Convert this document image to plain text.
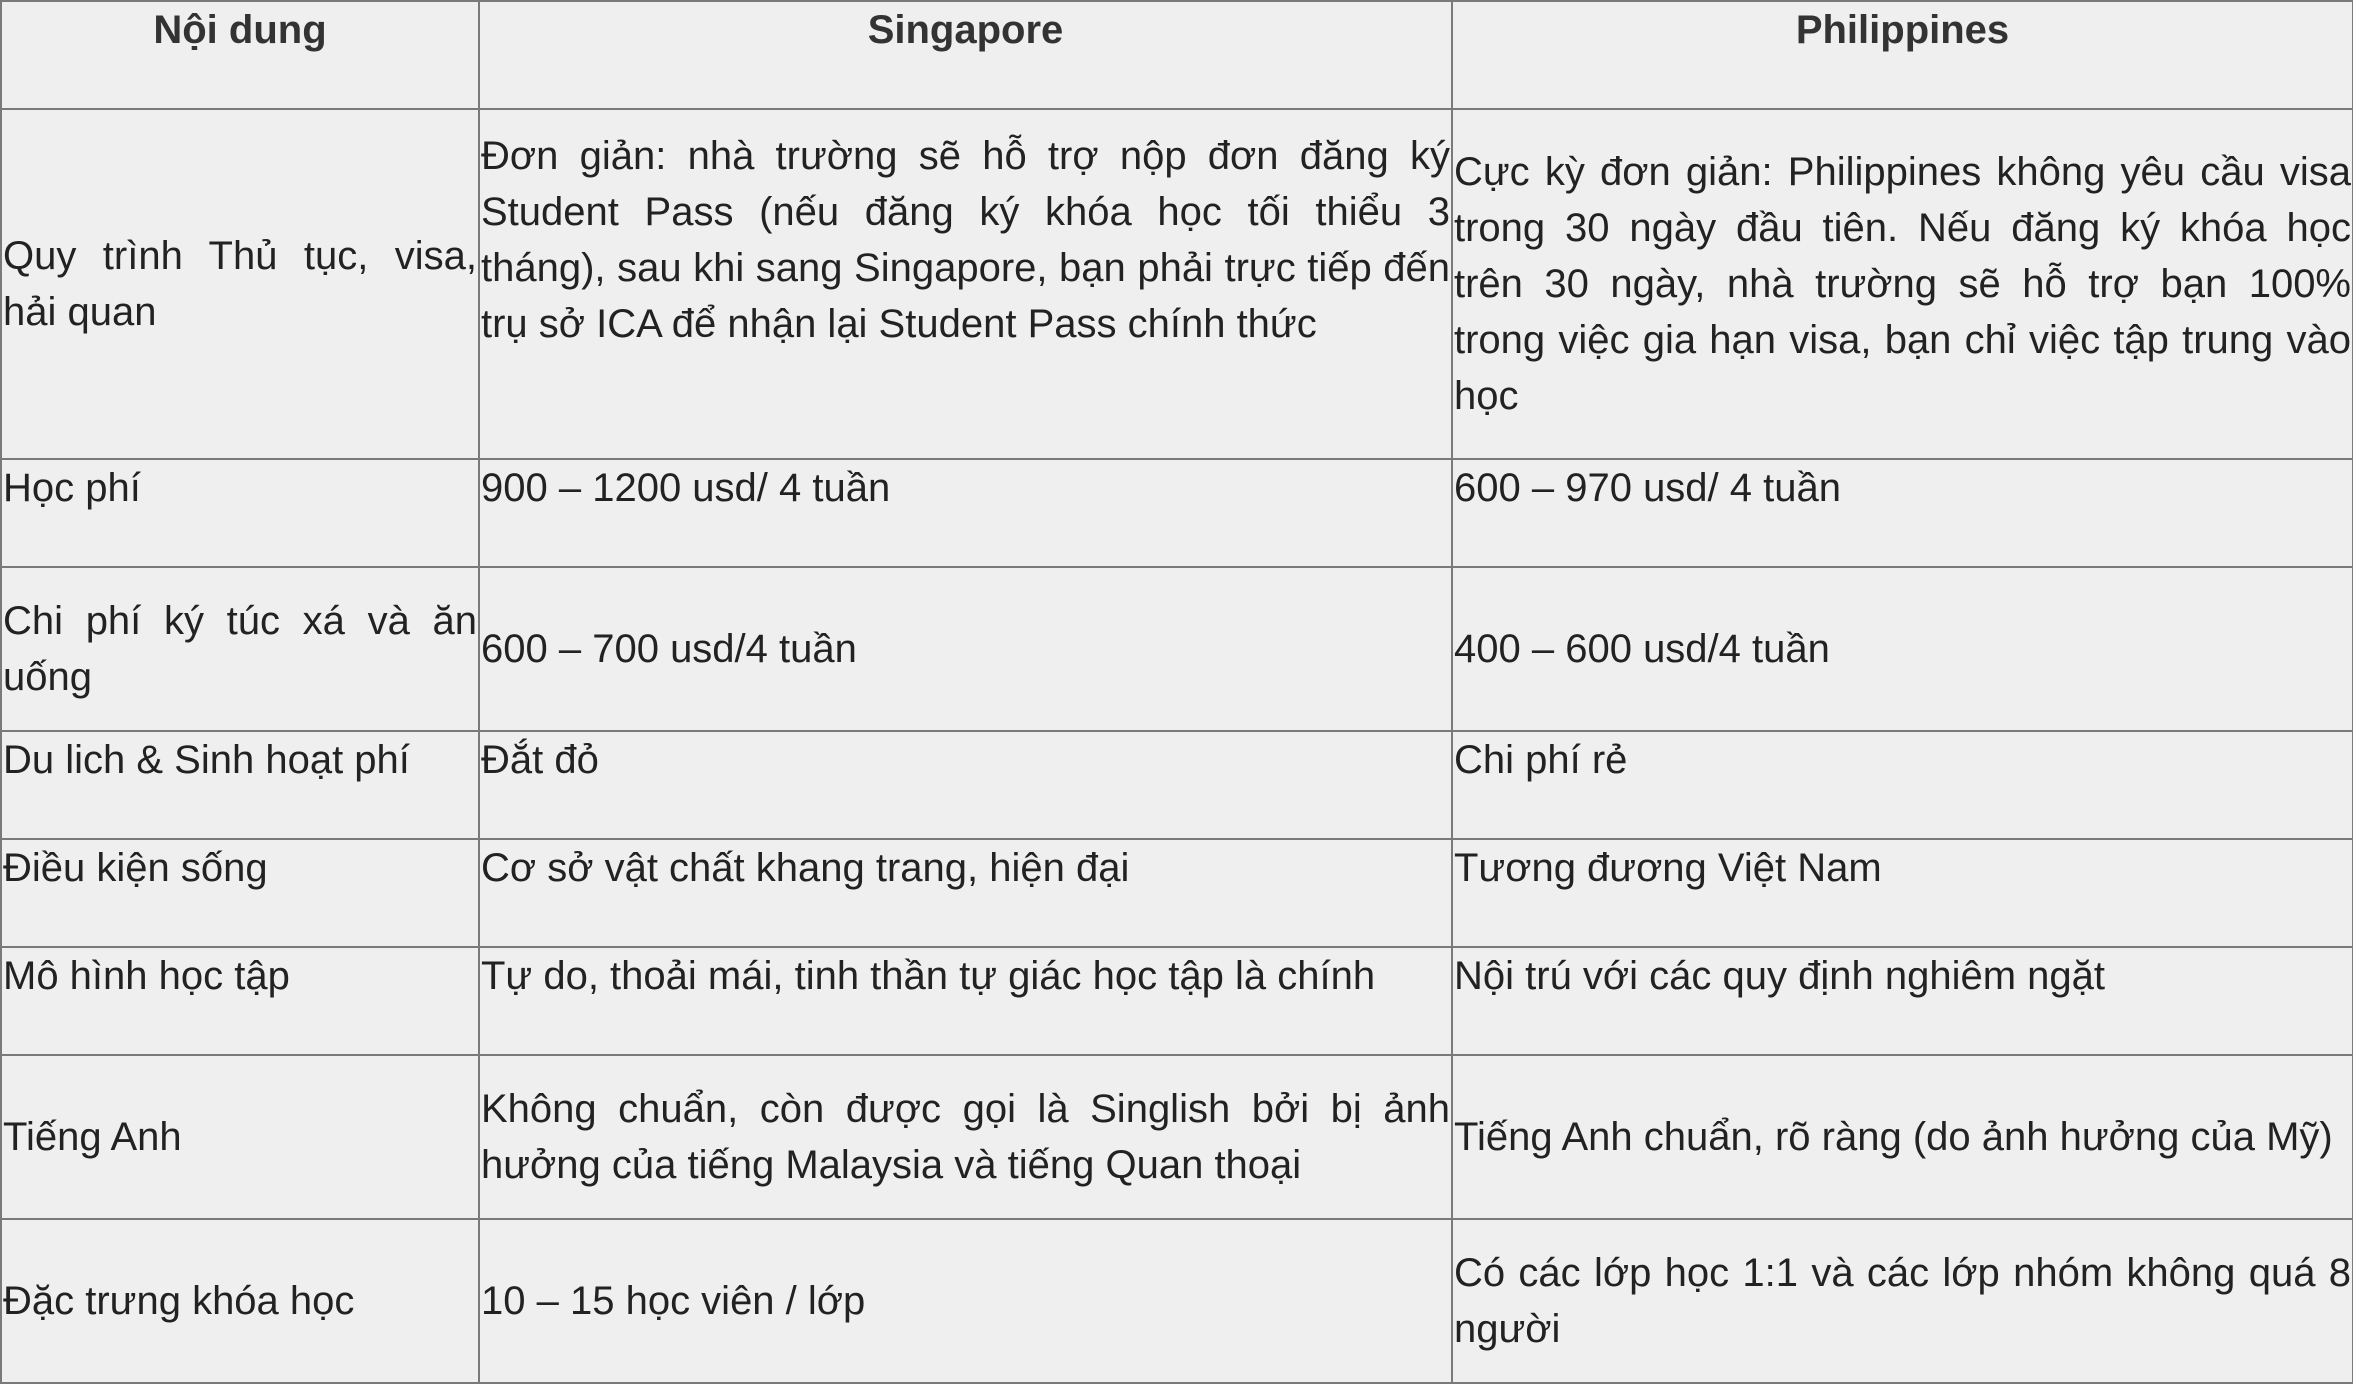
Nội dung	Singapore	Philippines
Quy trình Thủ tục, visa, hải quan	Đơn giản: nhà trường sẽ hỗ trợ nộp đơn đăng ký Student Pass (nếu đăng ký khóa học tối thiểu 3 tháng), sau khi sang Singapore, bạn phải trực tiếp đến trụ sở ICA để nhận lại Student Pass chính thức	Cực kỳ đơn giản: Philippines không yêu cầu visa trong 30 ngày đầu tiên. Nếu đăng ký khóa học trên 30 ngày, nhà trường sẽ hỗ trợ bạn 100% trong việc gia hạn visa, bạn chỉ việc tập trung vào học
Học phí	900 – 1200 usd/ 4 tuần	600 – 970 usd/ 4 tuần
Chi phí ký túc xá và ăn uống	600 – 700 usd/4 tuần	400 – 600 usd/4 tuần
Du lich & Sinh hoạt phí	Đắt đỏ	Chi phí rẻ
Điều kiện sống	Cơ sở vật chất khang trang, hiện đại	Tương đương Việt Nam
Mô hình học tập	Tự do, thoải mái, tinh thần tự giác học tập là chính	Nội trú với các quy định nghiêm ngặt
Tiếng Anh	Không chuẩn, còn được gọi là Singlish bởi bị ảnh hưởng của tiếng Malaysia và tiếng Quan thoại	Tiếng Anh chuẩn, rõ ràng (do ảnh hưởng của Mỹ)
Đặc trưng khóa học	10 – 15 học viên / lớp	Có các lớp học 1:1 và các lớp nhóm không quá 8 người
